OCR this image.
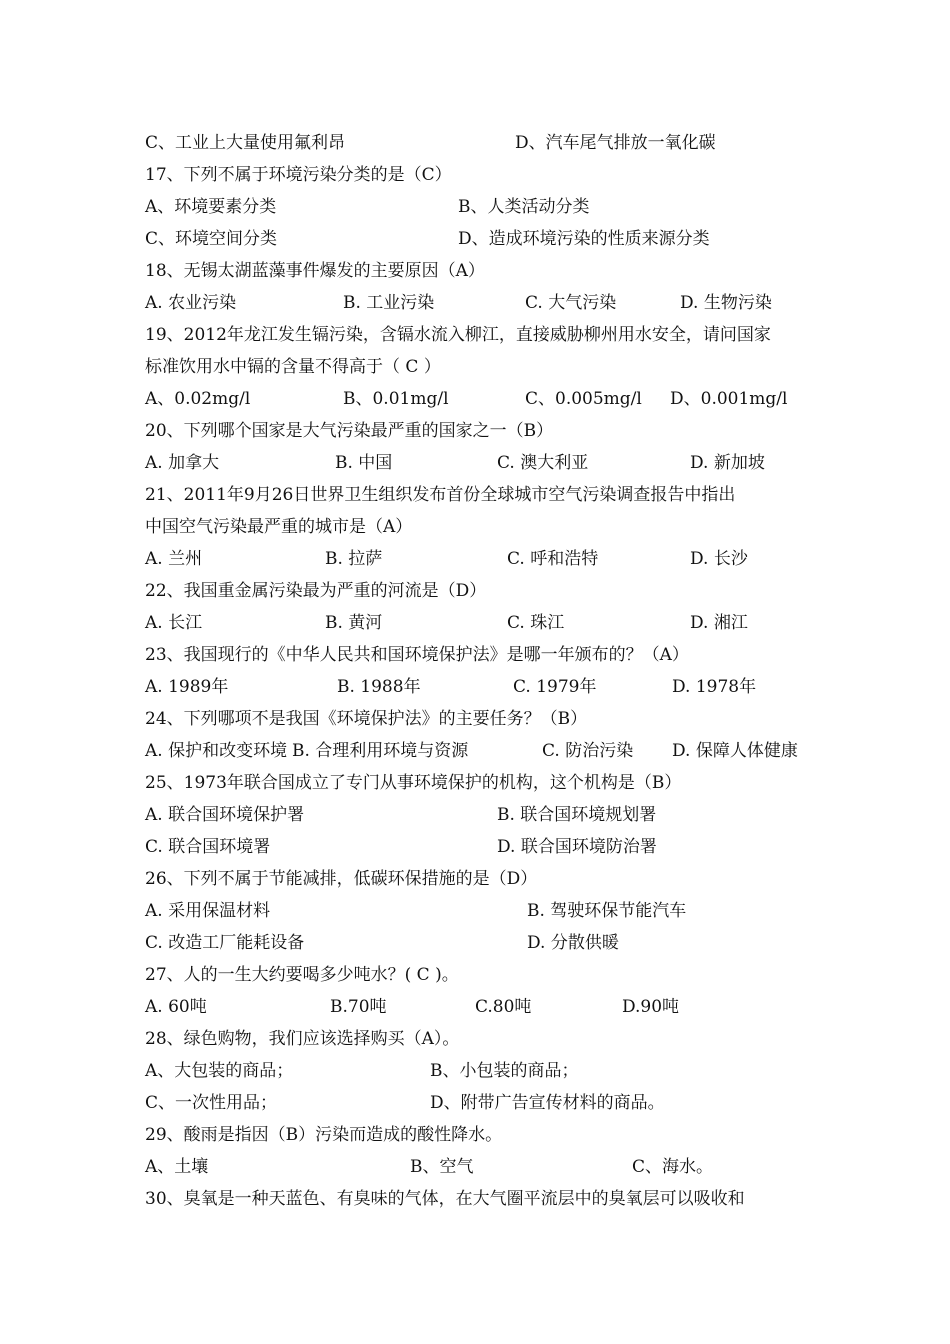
C、工业上大量使用氟利昂	D、汽车尾气排放一氧化碳
17、下列不属于环境污染分类的是（C）
A、环境要素分类	B、人类活动分类
C、环境空间分类	D、造成环境污染的性质来源分类
18、无锡太湖蓝藻事件爆发的主要原因（A）
A. 农业污染	B. 工业污染	C. 大气污染	D. 生物污染
19、2012年龙江发生镉污染，含镉水流入柳江，直接威胁柳州用水安全，请问国家
标准饮用水中镉的含量不得高于（ C ）
A、0.02mg/l	B、0.01mg/l	C、0.005mg/l D、0.001mg/l
20、下列哪个国家是大气污染最严重的国家之一（B）
A. 加拿大	B. 中国	C. 澳大利亚	D. 新加坡
21、2011年9月26日世界卫生组织发布首份全球城市空气污染调查报告中指出
中国空气污染最严重的城市是（A）
A. 兰州	B. 拉萨	C. 呼和浩特	D. 长沙
22、我国重金属污染最为严重的河流是（D）
A. 长江	B. 黄河	C. 珠江	D. 湘江
23、我国现行的《中华人民共和国环境保护法》是哪一年颁布的？（A）
A. 1989年	B. 1988年	C. 1979年	D. 1978年
24、下列哪项不是我国《环境保护法》的主要任务？（B）
A. 保护和改变环境 B. 合理利用环境与资源	C. 防治污染 D. 保障人体健康
25、1973年联合国成立了专门从事环境保护的机构，这个机构是（B）
A. 联合国环境保护署	B. 联合国环境规划署
C. 联合国环境署	D. 联合国环境防治署
26、下列不属于节能减排，低碳环保措施的是（D）
A. 采用保温材料	B. 驾驶环保节能汽车
C. 改造工厂能耗设备	D. 分散供暖
27、人的一生大约要喝多少吨水？( C )。
A. 60吨	B.70吨	C.80吨	D.90吨
28、绿色购物，我们应该选择购买（A）。
A、大包装的商品；	B、小包装的商品；
C、一次性用品；	D、附带广告宣传材料的商品。
29、酸雨是指因（B）污染而造成的酸性降水。
A、土壤	B、空气	C、海水。
30、臭氧是一种天蓝色、有臭味的气体，在大气圈平流层中的臭氧层可以吸收和
